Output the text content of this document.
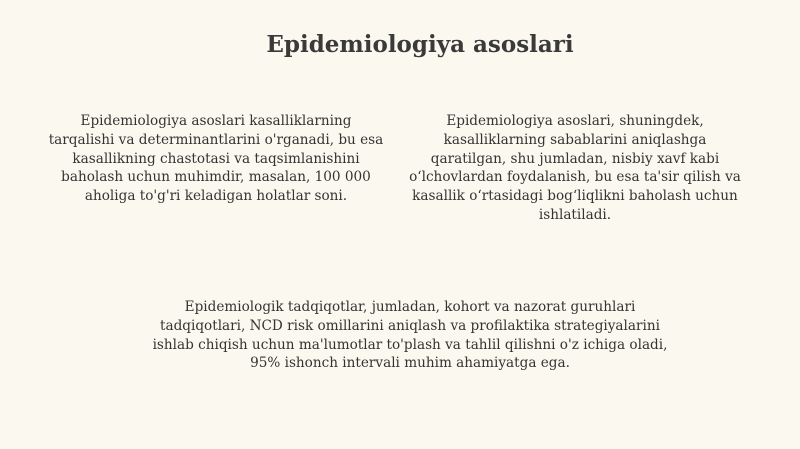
Epidemiologiya asoslari

Epidemiologiya asoslari kasalliklarning tarqalishi va determinantlarini o'rganadi, bu esa kasallikning chastotasi va taqsimlanishini baholash uchun muhimdir, masalan, 100 000 aholiga to'g'ri keladigan holatlar soni.

Epidemiologiya asoslari, shuningdek, kasalliklarning sabablarini aniqlashga qaratilgan, shu jumladan, nisbiy xavf kabi o‘lchovlardan foydalanish, bu esa ta'sir qilish va kasallik o‘rtasidagi bog‘liqlikni baholash uchun ishlatiladi.

Epidemiologik tadqiqotlar, jumladan, kohort va nazorat guruhlari tadqiqotlari, NCD risk omillarini aniqlash va profilaktika strategiyalarini ishlab chiqish uchun ma'lumotlar to'plash va tahlil qilishni o'z ichiga oladi, 95% ishonch intervali muhim ahamiyatga ega.
